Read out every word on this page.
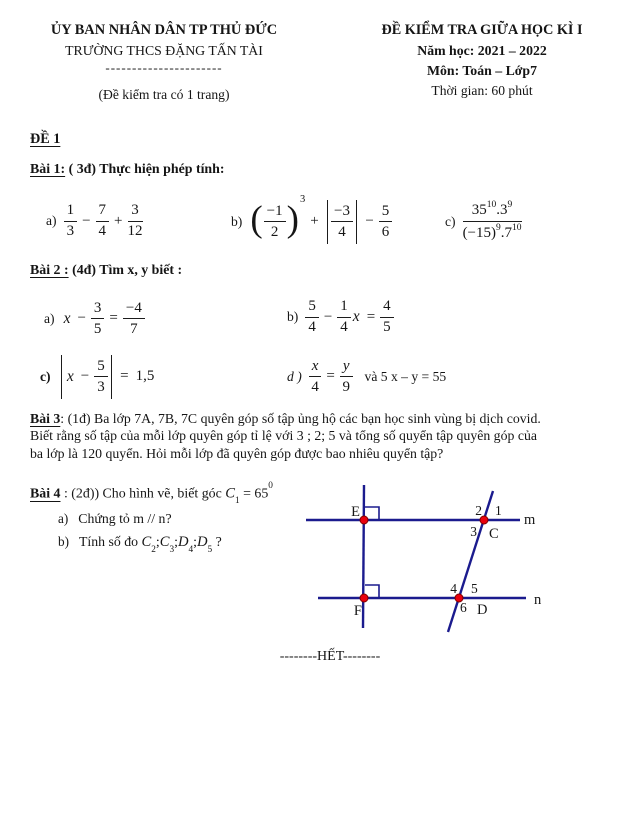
ỦY BAN NHÂN DÂN TP THỦ ĐỨC
TRƯỜNG THCS ĐẶNG TẤN TÀI
----------------------
(Đề kiểm tra có 1 trang)
ĐỀ KIỂM TRA GIỮA HỌC KÌ I
Năm học: 2021 – 2022
Môn: Toán – Lớp7
Thời gian: 60 phút
ĐỀ 1
Bài 1: ( 3đ) Thực hiện phép tính:
$a) \frac{1}{3} - \frac{7}{4} + \frac{3}{12}$	b) ( $\frac{-1}{2}$ ) 3
+ $\frac{-3}{4} - \frac{5}{6}$	$c) \frac{35^{10}.3^9}{(-15)^9.7^{10}}$
Bài 2 : (4đ) Tìm x, y biết :
a) $x - \frac{3}{5} = \frac{-4}{7}$	$b) \frac{5}{4} - \frac{1}{4}$ $x = \frac{4}{5}$
c) $x - \frac{5}{3} = 1,5$	d ) $\frac{x}{4} = \frac{y}{9}$ và 5 x – y = 55
Bài 3: (1đ) Ba lớp 7A, 7B, 7C quyên góp số tập ủng hộ các bạn học sinh vùng bị dịch covid.
Biết rằng số tập của mỗi lớp quyên góp tỉ lệ với 3 ; 2; 5 và tổng số quyển tập quyên góp của
ba lớp là 120 quyển. Hỏi mỗi lớp đã quyên góp được bao nhiêu quyển tập?
Bài 4 : (2đ)) Cho hình vẽ, biết góc $C_1 = 65^0$
a) Chứng tỏ m // n?
b) Tính số đo $C_2;C_3;D_4;D_5$ ?
E
F
C
D
m
n
1
2
3
4 5
6
--------HẾT--------
